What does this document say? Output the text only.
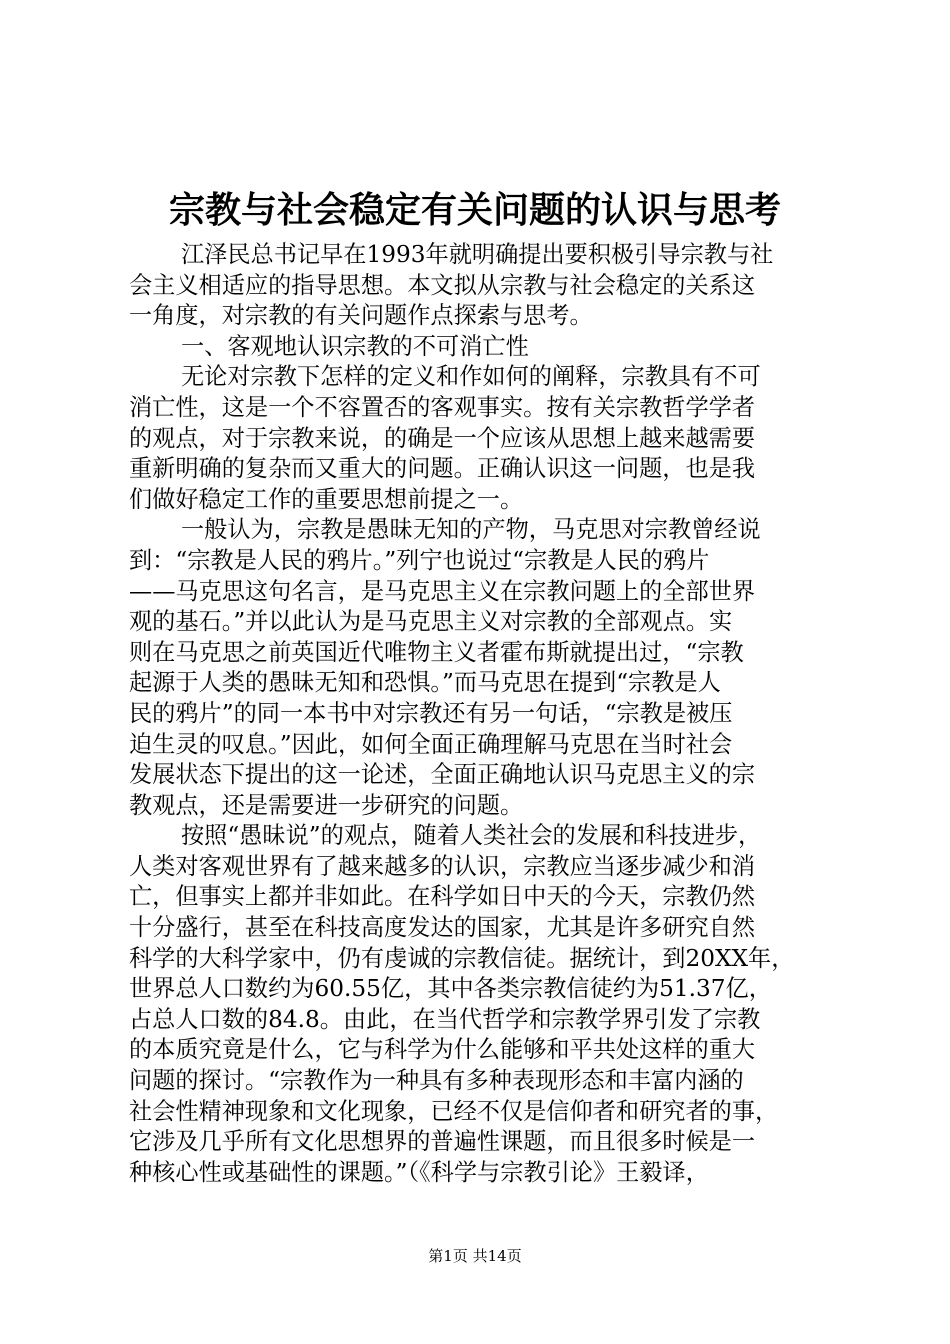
宗教与社会稳定有关问题的认识与思考
江泽民总书记早在1993年就明确提出要积极引导宗教与社
会主义相适应的指导思想。本文拟从宗教与社会稳定的关系这
一角度，对宗教的有关问题作点探索与思考。
一、客观地认识宗教的不可消亡性
无论对宗教下怎样的定义和作如何的阐释，宗教具有不可
消亡性，这是一个不容置否的客观事实。按有关宗教哲学学者
的观点，对于宗教来说，的确是一个应该从思想上越来越需要
重新明确的复杂而又重大的问题。正确认识这一问题，也是我
们做好稳定工作的重要思想前提之一。
一般认为，宗教是愚昧无知的产物，马克思对宗教曾经说
到：“宗教是人民的鸦片。”列宁也说过“宗教是人民的鸦片
——马克思这句名言，是马克思主义在宗教问题上的全部世界
观的基石。”并以此认为是马克思主义对宗教的全部观点。实
则在马克思之前英国近代唯物主义者霍布斯就提出过，“宗教
起源于人类的愚昧无知和恐惧。”而马克思在提到“宗教是人
民的鸦片”的同一本书中对宗教还有另一句话，“宗教是被压
迫生灵的叹息。”因此，如何全面正确理解马克思在当时社会
发展状态下提出的这一论述，全面正确地认识马克思主义的宗
教观点，还是需要进一步研究的问题。
按照“愚昧说”的观点，随着人类社会的发展和科技进步，
人类对客观世界有了越来越多的认识，宗教应当逐步减少和消
亡，但事实上都并非如此。在科学如日中天的今天，宗教仍然
十分盛行，甚至在科技高度发达的国家，尤其是许多研究自然
科学的大科学家中，仍有虔诚的宗教信徒。据统计，到20XX年，
世界总人口数约为60.55亿，其中各类宗教信徒约为51.37亿，
占总人口数的84.8。由此，在当代哲学和宗教学界引发了宗教
的本质究竟是什么，它与科学为什么能够和平共处这样的重大
问题的探讨。“宗教作为一种具有多种表现形态和丰富内涵的
社会性精神现象和文化现象，已经不仅是信仰者和研究者的事，
它涉及几乎所有文化思想界的普遍性课题，而且很多时候是一
种核心性或基础性的课题。”（《科学与宗教引论》王毅译，
第1页 共14页
